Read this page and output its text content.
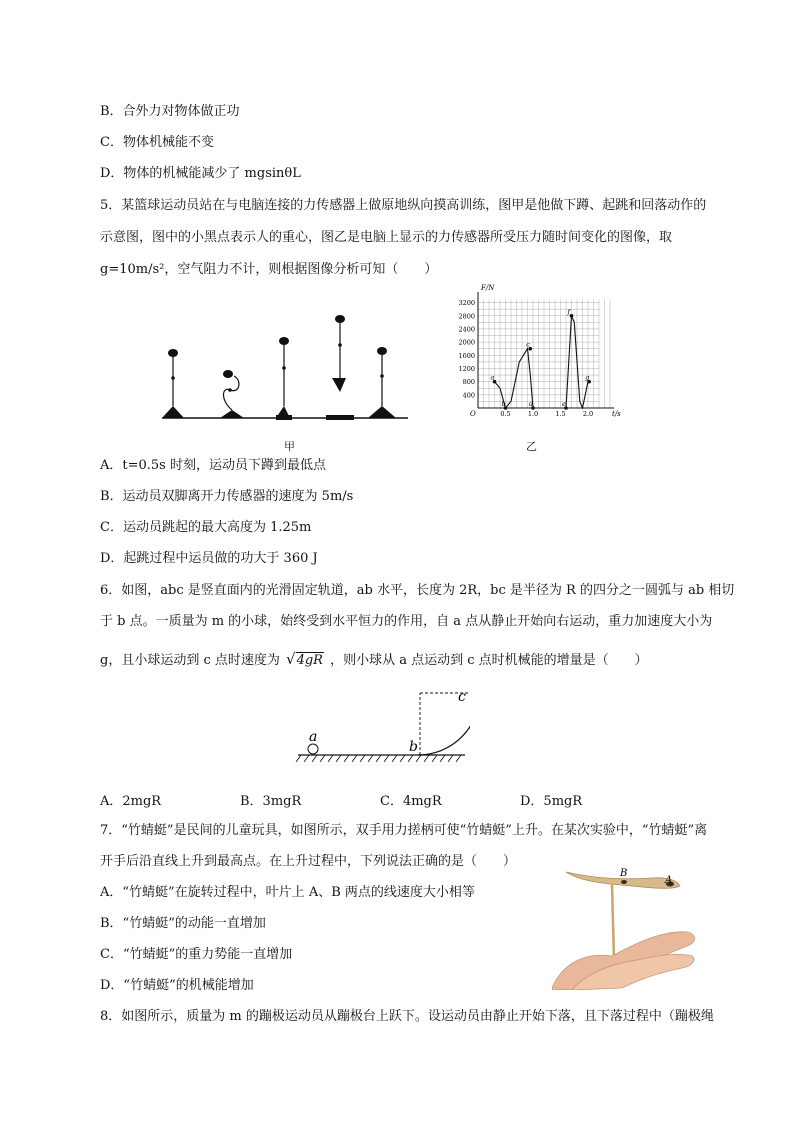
B．合外力对物体做正功
C．物体机械能不变
D．物体的机械能减少了 mgsinθL
5．某篮球运动员站在与电脑连接的力传感器上做原地纵向摸高训练，图甲是他做下蹲、起跳和回落动作的
示意图，图中的小黑点表示人的重心，图乙是电脑上显示的力传感器所受压力随时间变化的图像，取
g=10m/s²，空气阻力不计，则根据图像分析可知（　　）
甲
400
800
1200
1600
2000
2400
2800
3200
0.5	1.0	1.5	2.0
F/N
t/s
O
a
b
c
d	e
f
g
乙
A．t=0.5s 时刻，运动员下蹲到最低点
B．运动员双脚离开力传感器的速度为 5m/s
C．运动员跳起的最大高度为 1.25m
D．起跳过程中运员做的功大于 360 J
6．如图，abc 是竖直面内的光滑固定轨道，ab 水平，长度为 2R，bc 是半径为 R 的四分之一圆弧与 ab 相切
于 b 点。一质量为 m 的小球，始终受到水平恒力的作用，自 a 点从静止开始向右运动，重力加速度大小为
g，且小球运动到 c 点时速度为 √4gR ，则小球从 a 点运动到 c 点时机械能的增量是（　　）
a
b
c
A．2mgR	B．3mgR	C．4mgR	D．5mgR
7．“竹蜻蜓”是民间的儿童玩具，如图所示，双手用力搓柄可使“竹蜻蜓”上升。在某次实验中，“竹蜻蜓”离
开手后沿直线上升到最高点。在上升过程中，下列说法正确的是（　　）
A．“竹蜻蜓”在旋转过程中，叶片上 A、B 两点的线速度大小相等
B．“竹蜻蜓”的动能一直增加
C．“竹蜻蜓”的重力势能一直增加
D．“竹蜻蜓”的机械能增加
B
A
8．如图所示，质量为 m 的蹦极运动员从蹦极台上跃下。设运动员由静止开始下落，且下落过程中（蹦极绳
